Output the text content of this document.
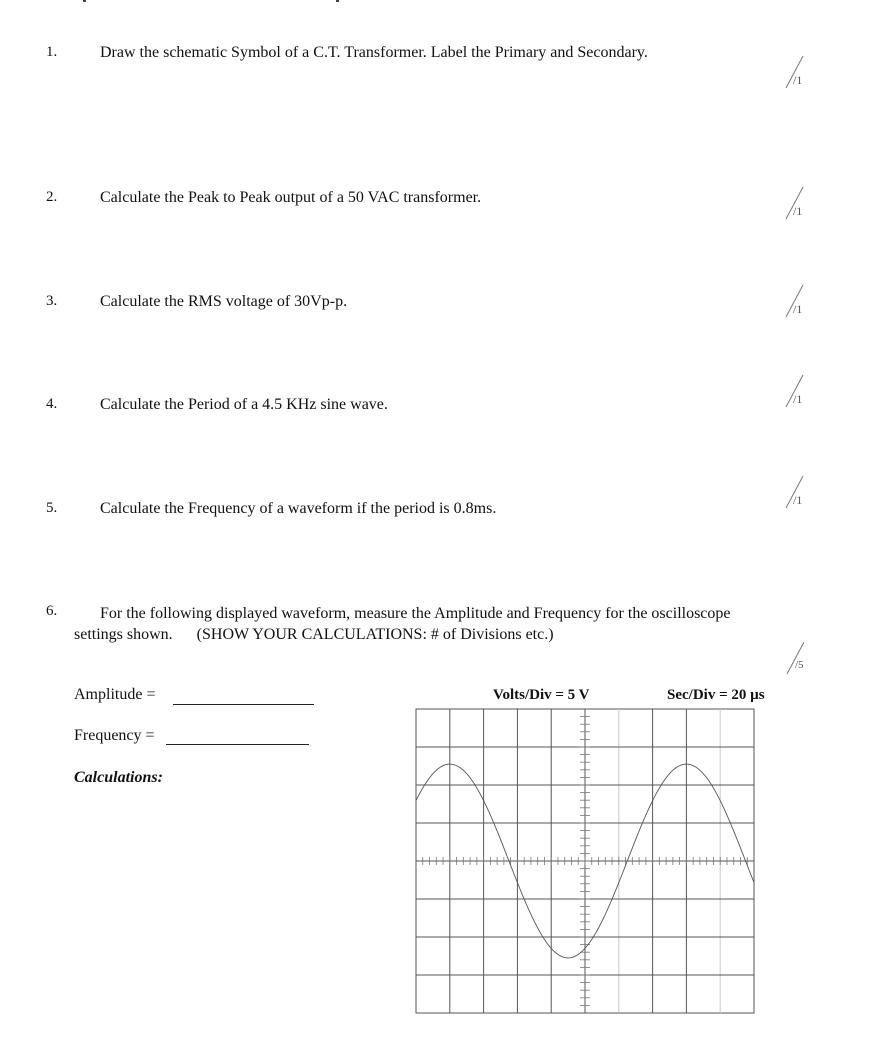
1.	Draw the schematic Symbol of a C.T. Transformer. Label the Primary and Secondary.
/1
2.	Calculate the Peak to Peak output of a 50 VAC transformer.
/1
3.	Calculate the RMS voltage of 30Vp-p.	/1
4.	Calculate the Period of a 4.5 KHz sine wave.	/1
5.	Calculate the Frequency of a waveform if the period is 0.8ms.	/1
6.	For the following displayed waveform, measure the Amplitude and Frequency for the oscilloscope
settings shown.      (SHOW YOUR CALCULATIONS: # of Divisions etc.)
/5
Amplitude =
Frequency =
Calculations:
Volts/Div = 5 V	Sec/Div = 20 µs
